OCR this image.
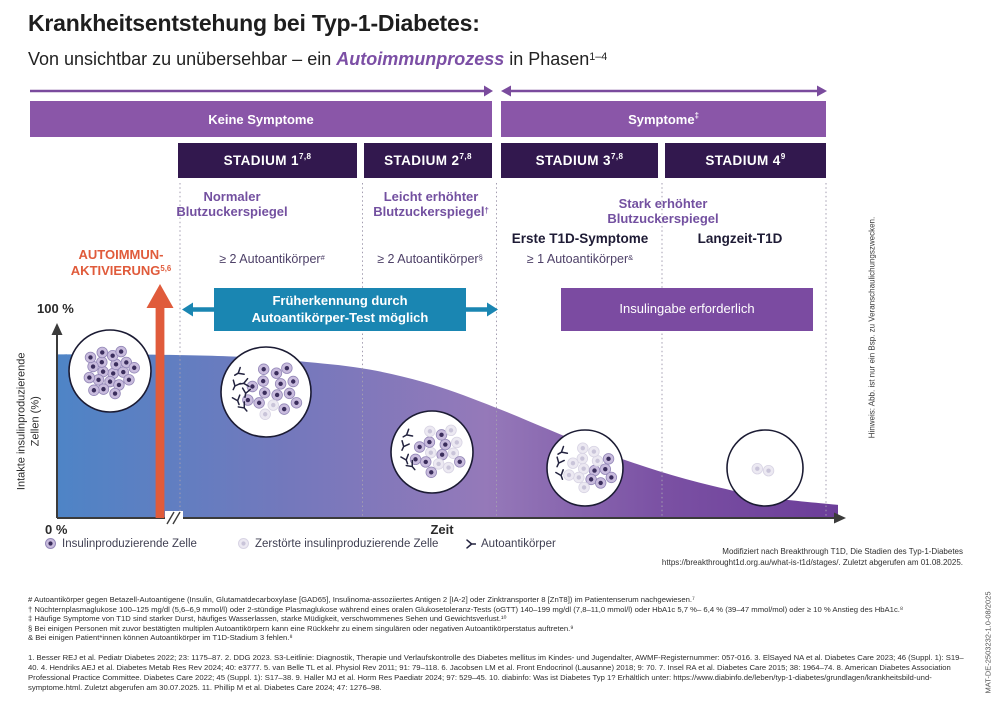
Krankheitsentstehung bei Typ-1-Diabetes:
Von unsichtbar zu unübersehbar – ein Autoimmunprozess in Phasen$^{1-4}$
Keine Symptome	Symptome‡
STADIUM 1$^{7,8}$	STADIUM 2$^{7,8}$	STADIUM 3$^{7,8}$	STADIUM $4^9$
Normaler
Blutzuckerspiegel
Leicht erhöhter
Blutzuckerspiegel†	Stark erhöhter
Blutzuckerspiegel
Erste T1D-Symptome	Langzeit-T1D
AUTOIMMUN-
AKTIVIERUNG$^{5,6}$
≥ 2 Autoantikörper#	≥ 2 Autoantikörper§	≥ 1 Autoantikörper&
Früherkennung durch
Autoantikörper-Test möglich
Insulingabe erforderlich
100 %
0 %	Zeit
Intakte insulinproduzierende Zellen (%)
Insulinproduzierende Zelle	Zerstörte insulinproduzierende Zelle	Autoantikörper
Modifiziert nach Breakthrough T1D, Die Stadien des Typ-1-Diabetes
https://breakthrought1d.org.au/what-is-t1d/stages/. Zuletzt abgerufen am 01.08.2025.
# Autoantikörper gegen Betazell-Autoantigene (Insulin, Glutamatdecarboxylase [GAD65], Insulinoma-assoziiertes Antigen 2 [IA-2] oder Zinktransporter 8 [ZnT8]) im Patientenserum nachgewiesen.⁷
† Nüchternplasmaglukose 100–125 mg/dl (5,6–6,9 mmol/l) oder 2-stündige Plasmaglukose während eines oralen Glukosetoleranz-Tests (oGTT) 140–199 mg/dl (7,8–11,0 mmol/l) oder HbA1c 5,7 %– 6,4 % (39–47 mmol/mol) oder ≥ 10 % Anstieg des HbA1c.⁸
‡ Häufige Symptome von T1D sind starker Durst, häufiges Wasserlassen, starke Müdigkeit, verschwommenes Sehen und Gewichtsverlust.¹⁰
§ Bei einigen Personen mit zuvor bestätigten multiplen Autoantikörpern kann eine Rückkehr zu einem singulären oder negativen Autoantikörperstatus auftreten.⁹
& Bei einigen Patient*innen können Autoantikörper im T1D-Stadium 3 fehlen.⁸
1. Besser REJ et al. Pediatr Diabetes 2022; 23: 1175–87. 2. DDG 2023. S3-Leitlinie: Diagnostik, Therapie und Verlaufskontrolle des Diabetes mellitus im Kindes- und Jugendalter, AWMF-Registernummer: 057-016. 3. ElSayed NA et al. Diabetes Care 2023; 46 (Suppl. 1): S19–40. 4. Hendriks AEJ et al. Diabetes Metab Res Rev 2024; 40: e3777. 5. van Belle TL et al. Physiol Rev 2011; 91: 79–118. 6. Jacobsen LM et al. Front Endocrinol (Lausanne) 2018; 9: 70. 7. Insel RA et al. Diabetes Care 2015; 38: 1964–74. 8. American Diabetes Association Professional Practice Committee. Diabetes Care 2022; 45 (Suppl. 1): S17–38. 9. Haller MJ et al. Horm Res Paediatr 2024; 97: 529–45. 10. diabinfo: Was ist Diabetes Typ 1? Erhältlich unter: https://www.diabinfo.de/leben/typ-1-diabetes/grundlagen/krankheitsbild-und-symptome.html. Zuletzt abgerufen am 30.07.2025. 11. Phillip M et al. Diabetes Care 2024; 47: 1276–98.
Hinweis: Abb. ist nur ein Bsp. zu Veranschaulichungszwecken.
MAT-DE-2503232-1.0-08/2025
